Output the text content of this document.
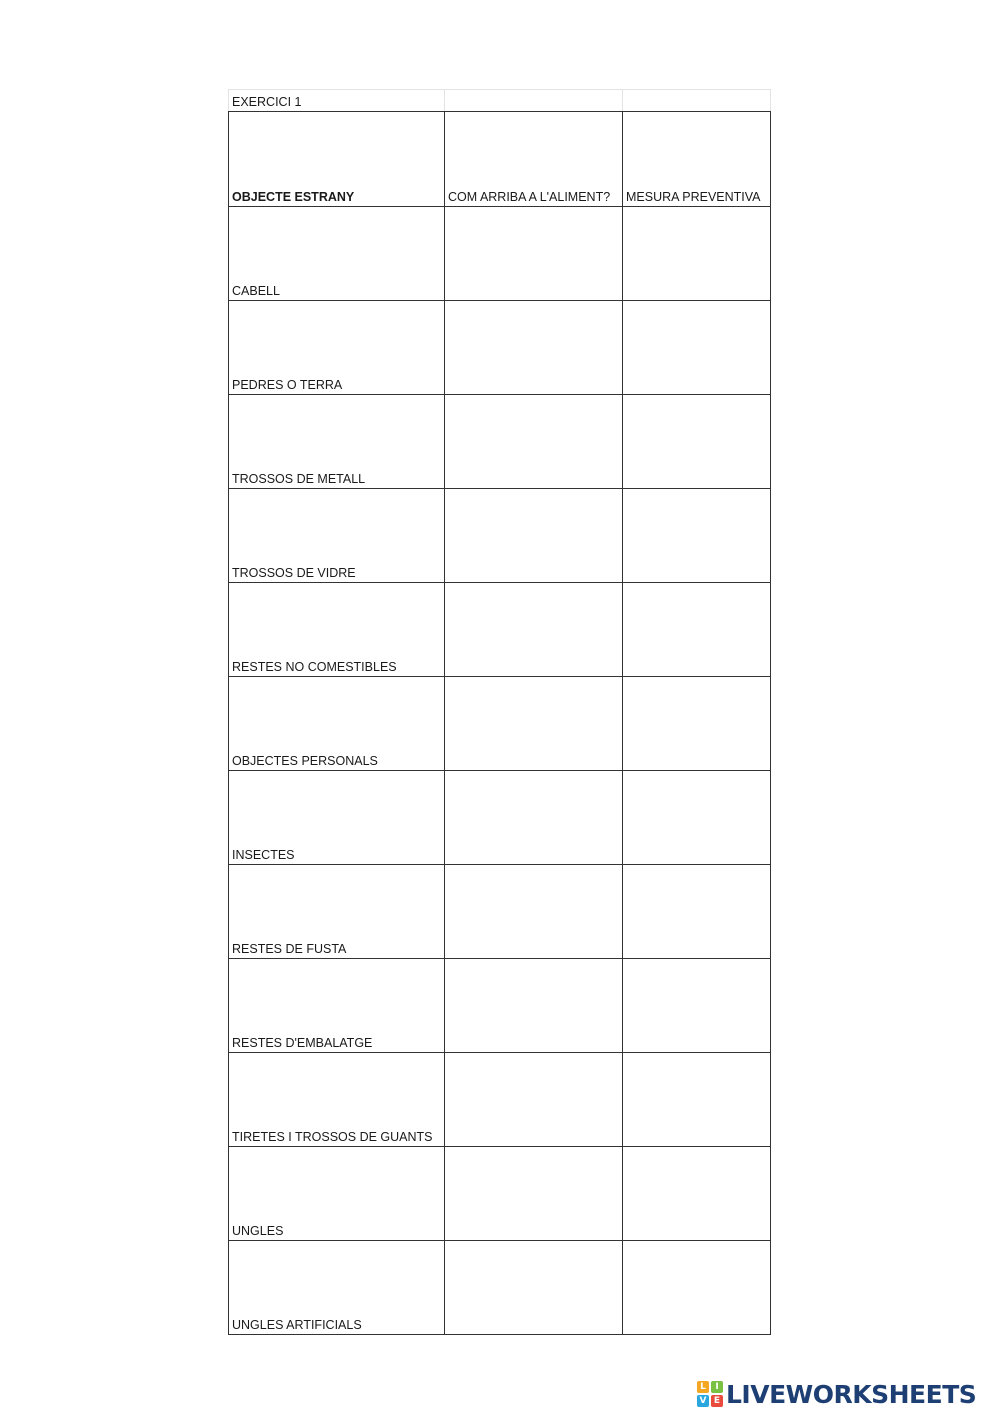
EXERCICI 1		
OBJECTE ESTRANY	COM ARRIBA A L'ALIMENT?	MESURA PREVENTIVA
CABELL		
PEDRES O TERRA		
TROSSOS DE METALL		
TROSSOS DE VIDRE		
RESTES NO COMESTIBLES		
OBJECTES PERSONALS		
INSECTES		
RESTES DE FUSTA		
RESTES D'EMBALATGE		
TIRETES I TROSSOS DE GUANTS		
UNGLES		
UNGLES ARTIFICIALS		
L	I
V E LIVEWORKSHEETS
